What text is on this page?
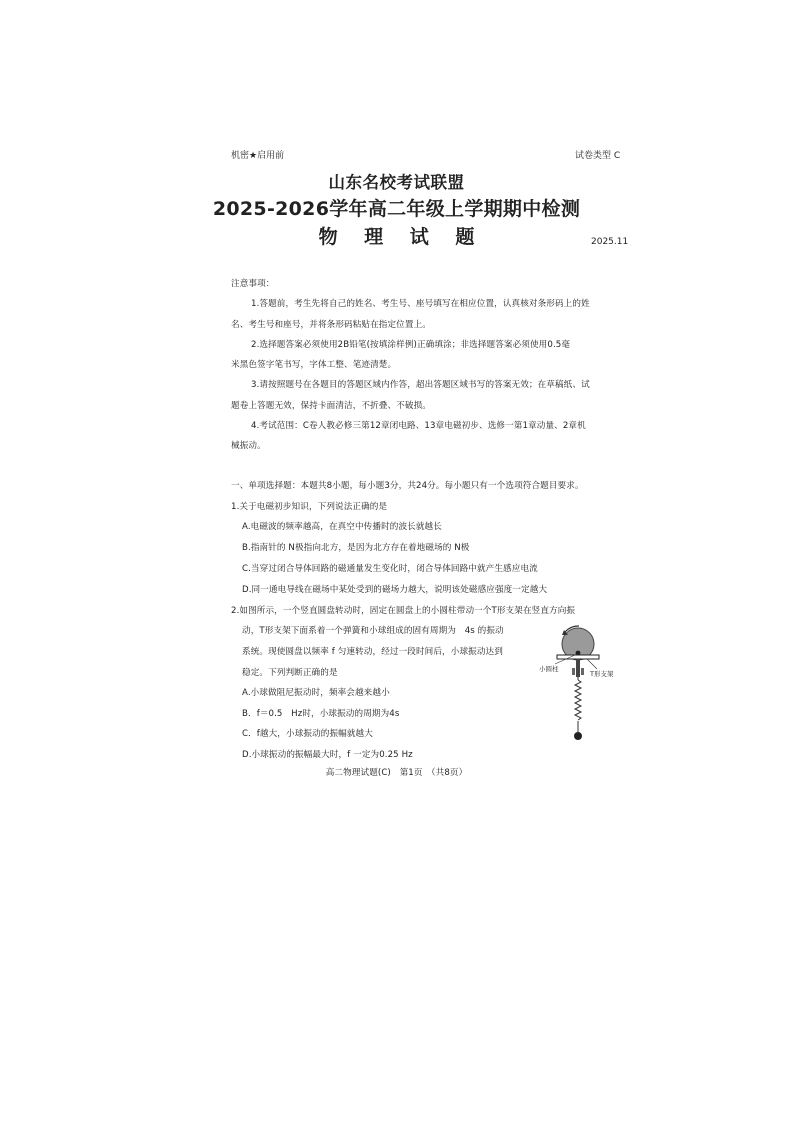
机密★启用前	试卷类型 C
山东名校考试联盟
2025-2026学年高二年级上学期期中检测
物 理 试 题	2025.11
注意事项：
1.答题前，考生先将自己的姓名、考生号、座号填写在相应位置，认真核对条形码上的姓
名、考生号和座号，并将条形码粘贴在指定位置上。
2.选择题答案必须使用2B铅笔(按填涂样例)正确填涂；非选择题答案必须使用0.5毫
米黑色签字笔书写，字体工整、笔迹清楚。
3.请按照题号在各题目的答题区域内作答，超出答题区域书写的答案无效；在草稿纸、试
题卷上答题无效，保持卡面清洁，不折叠、不破损。
4.考试范围：C卷人教必修三第12章闭电路、13章电磁初步、选修一第1章动量、2章机
械振动。
一、单项选择题：本题共8小题，每小题3分，共24分。每小题只有一个选项符合题目要求。
1.关于电磁初步知识，下列说法正确的是
A.电磁波的频率越高，在真空中传播时的波长就越长
B.指南针的 N极指向北方，是因为北方存在着地磁场的 N极
C.当穿过闭合导体回路的磁通量发生变化时，闭合导体回路中就产生感应电流
D.同一通电导线在磁场中某处受到的磁场力越大，说明该处磁感应强度一定越大
2.如图所示，一个竖直圆盘转动时，固定在圆盘上的小圆柱带动一个T形支架在竖直方向振
动，T形支架下面系着一个弹簧和小球组成的固有周期为　4s 的振动
系统。现使圆盘以频率 f 匀速转动，经过一段时间后，小球振动达到
稳定。下列判断正确的是
A.小球做阻尼振动时，频率会越来越小
B．f＝0.5　Hz时，小球振动的周期为4s
C．f越大，小球振动的振幅就越大
D.小球振动的振幅最大时，f 一定为0.25 Hz
小圆柱
T形支架
高二物理试题(C)　第1页　（共8页）
